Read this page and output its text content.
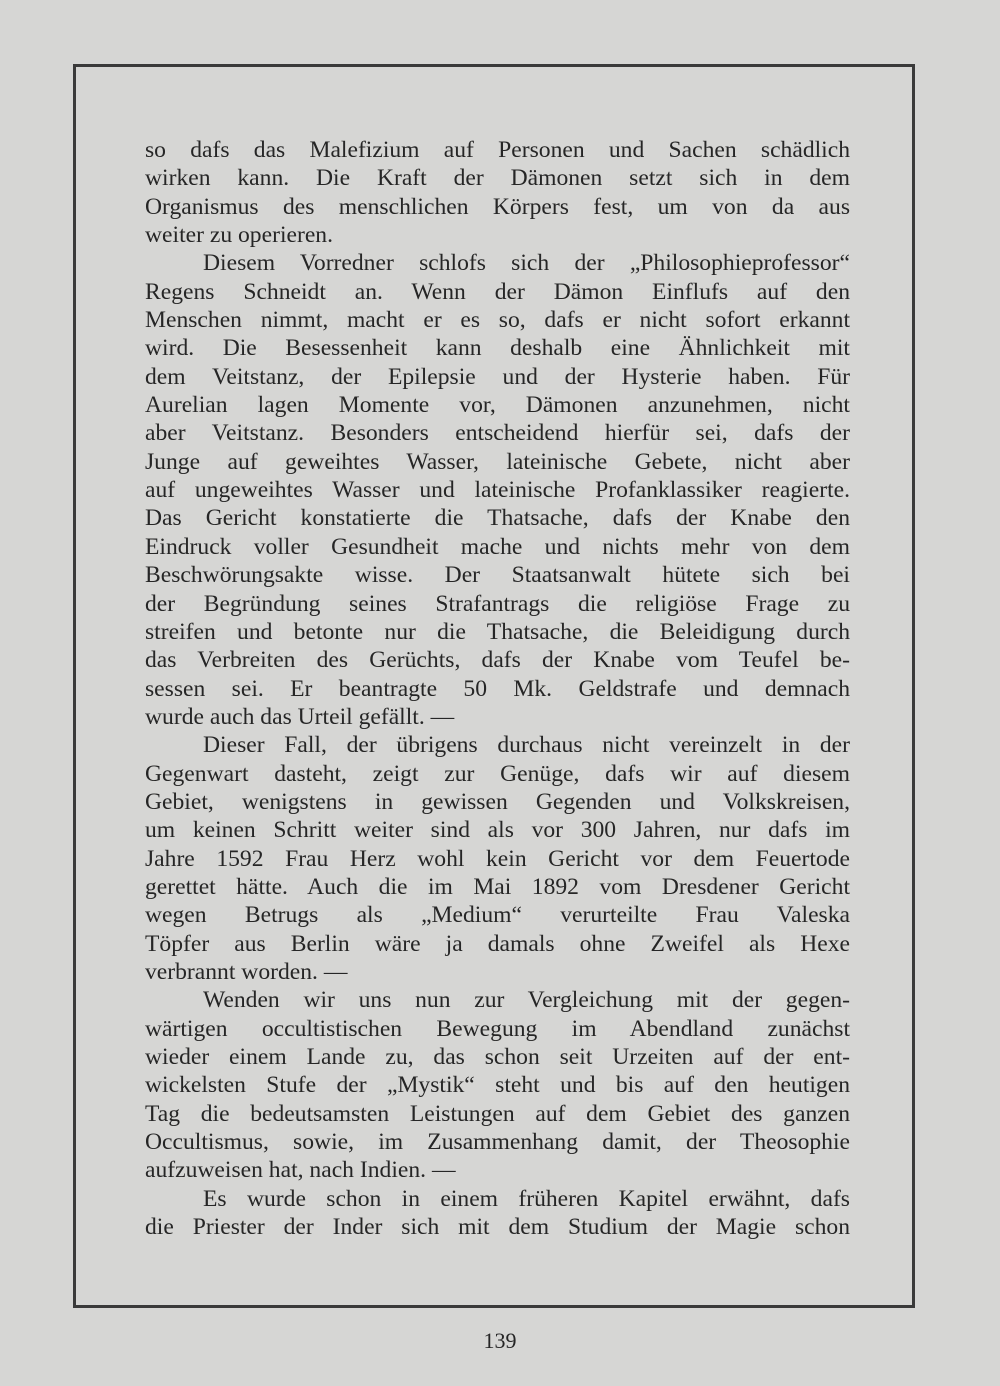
so dafs das Malefizium auf Personen und Sachen schädlich
wirken kann. Die Kraft der Dämonen setzt sich in dem
Organismus des menschlichen Körpers fest, um von da aus
weiter zu operieren.
Diesem Vorredner schlofs sich der „Philosophieprofessor“
Regens Schneidt an. Wenn der Dämon Einflufs auf den
Menschen nimmt, macht er es so, dafs er nicht sofort erkannt
wird. Die Besessenheit kann deshalb eine Ähnlichkeit mit
dem Veitstanz, der Epilepsie und der Hysterie haben. Für
Aurelian lagen Momente vor, Dämonen anzunehmen, nicht
aber Veitstanz. Besonders entscheidend hierfür sei, dafs der
Junge auf geweihtes Wasser, lateinische Gebete, nicht aber
auf ungeweihtes Wasser und lateinische Profanklassiker reagierte.
Das Gericht konstatierte die Thatsache, dafs der Knabe den
Eindruck voller Gesundheit mache und nichts mehr von dem
Beschwörungsakte wisse. Der Staatsanwalt hütete sich bei
der Begründung seines Strafantrags die religiöse Frage zu
streifen und betonte nur die Thatsache, die Beleidigung durch
das Verbreiten des Gerüchts, dafs der Knabe vom Teufel be-
sessen sei. Er beantragte 50 Mk. Geldstrafe und demnach
wurde auch das Urteil gefällt. —
Dieser Fall, der übrigens durchaus nicht vereinzelt in der
Gegenwart dasteht, zeigt zur Genüge, dafs wir auf diesem
Gebiet, wenigstens in gewissen Gegenden und Volkskreisen,
um keinen Schritt weiter sind als vor 300 Jahren, nur dafs im
Jahre 1592 Frau Herz wohl kein Gericht vor dem Feuertode
gerettet hätte. Auch die im Mai 1892 vom Dresdener Gericht
wegen Betrugs als „Medium“ verurteilte Frau Valeska
Töpfer aus Berlin wäre ja damals ohne Zweifel als Hexe
verbrannt worden. —
Wenden wir uns nun zur Vergleichung mit der gegen-
wärtigen occultistischen Bewegung im Abendland zunächst
wieder einem Lande zu, das schon seit Urzeiten auf der ent-
wickelsten Stufe der „Mystik“ steht und bis auf den heutigen
Tag die bedeutsamsten Leistungen auf dem Gebiet des ganzen
Occultismus, sowie, im Zusammenhang damit, der Theosophie
aufzuweisen hat, nach Indien. —
Es wurde schon in einem früheren Kapitel erwähnt, dafs
die Priester der Inder sich mit dem Studium der Magie schon
139
